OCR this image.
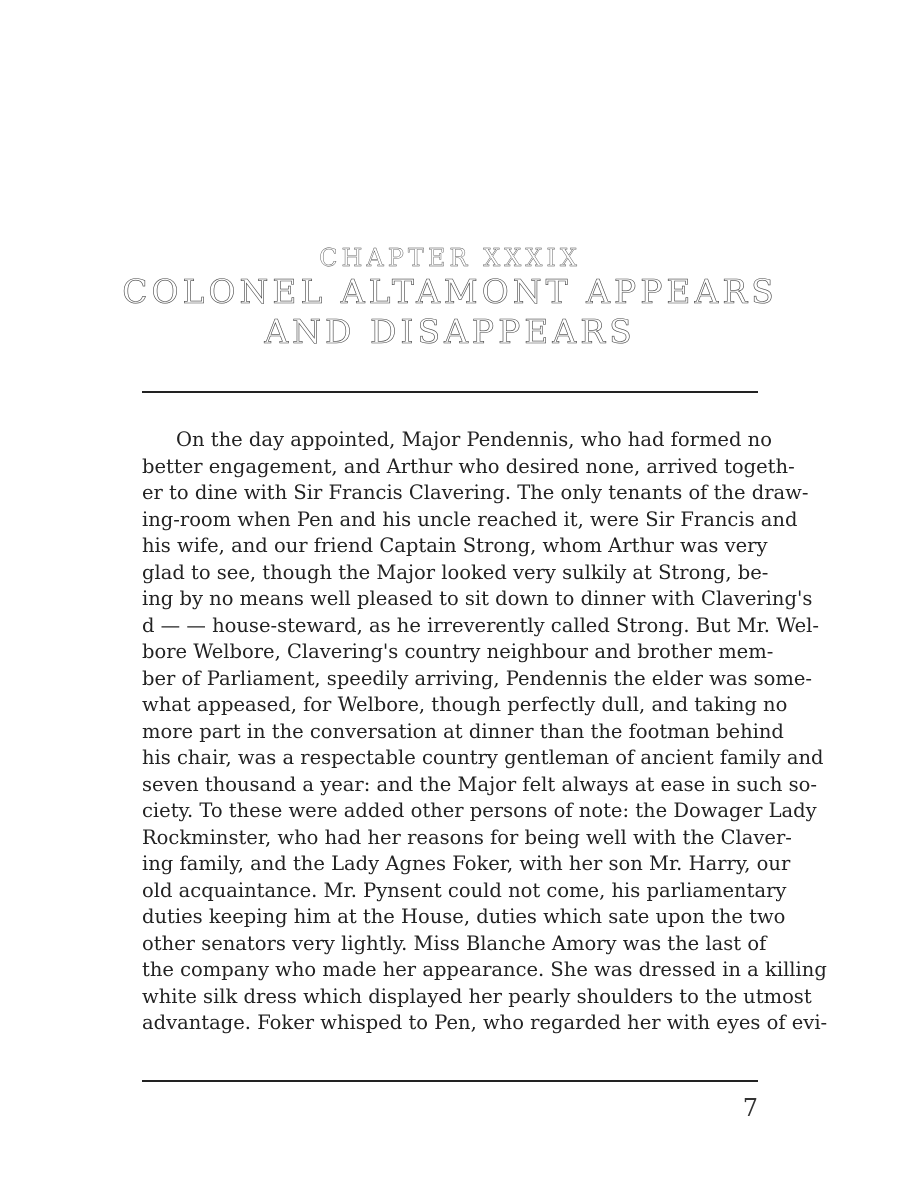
CHAPTER XXXIX
COLONEL ALTAMONT APPEARS
AND DISAPPEARS
On the day appointed, Major Pendennis, who had formed no
better engagement, and Arthur who desired none, arrived togeth-
er to dine with Sir Francis Clavering. The only tenants of the draw-
ing-room when Pen and his uncle reached it, were Sir Francis and
his wife, and our friend Captain Strong, whom Arthur was very
glad to see, though the Major looked very sulkily at Strong, be-
ing by no means well pleased to sit down to dinner with Clavering's
d — — house-steward, as he irreverently called Strong. But Mr. Wel-
bore Welbore, Clavering's country neighbour and brother mem-
ber of Parliament, speedily arriving, Pendennis the elder was some-
what appeased, for Welbore, though perfectly dull, and taking no
more part in the conversation at dinner than the footman behind
his chair, was a respectable country gentleman of ancient family and
seven thousand a year: and the Major felt always at ease in such so-
ciety. To these were added other persons of note: the Dowager Lady
Rockminster, who had her reasons for being well with the Claver-
ing family, and the Lady Agnes Foker, with her son Mr. Harry, our
old acquaintance. Mr. Pynsent could not come, his parliamentary
duties keeping him at the House, duties which sate upon the two
other senators very lightly. Miss Blanche Amory was the last of
the company who made her appearance. She was dressed in a killing
white silk dress which displayed her pearly shoulders to the utmost
advantage. Foker whisped to Pen, who regarded her with eyes of evi-
7
